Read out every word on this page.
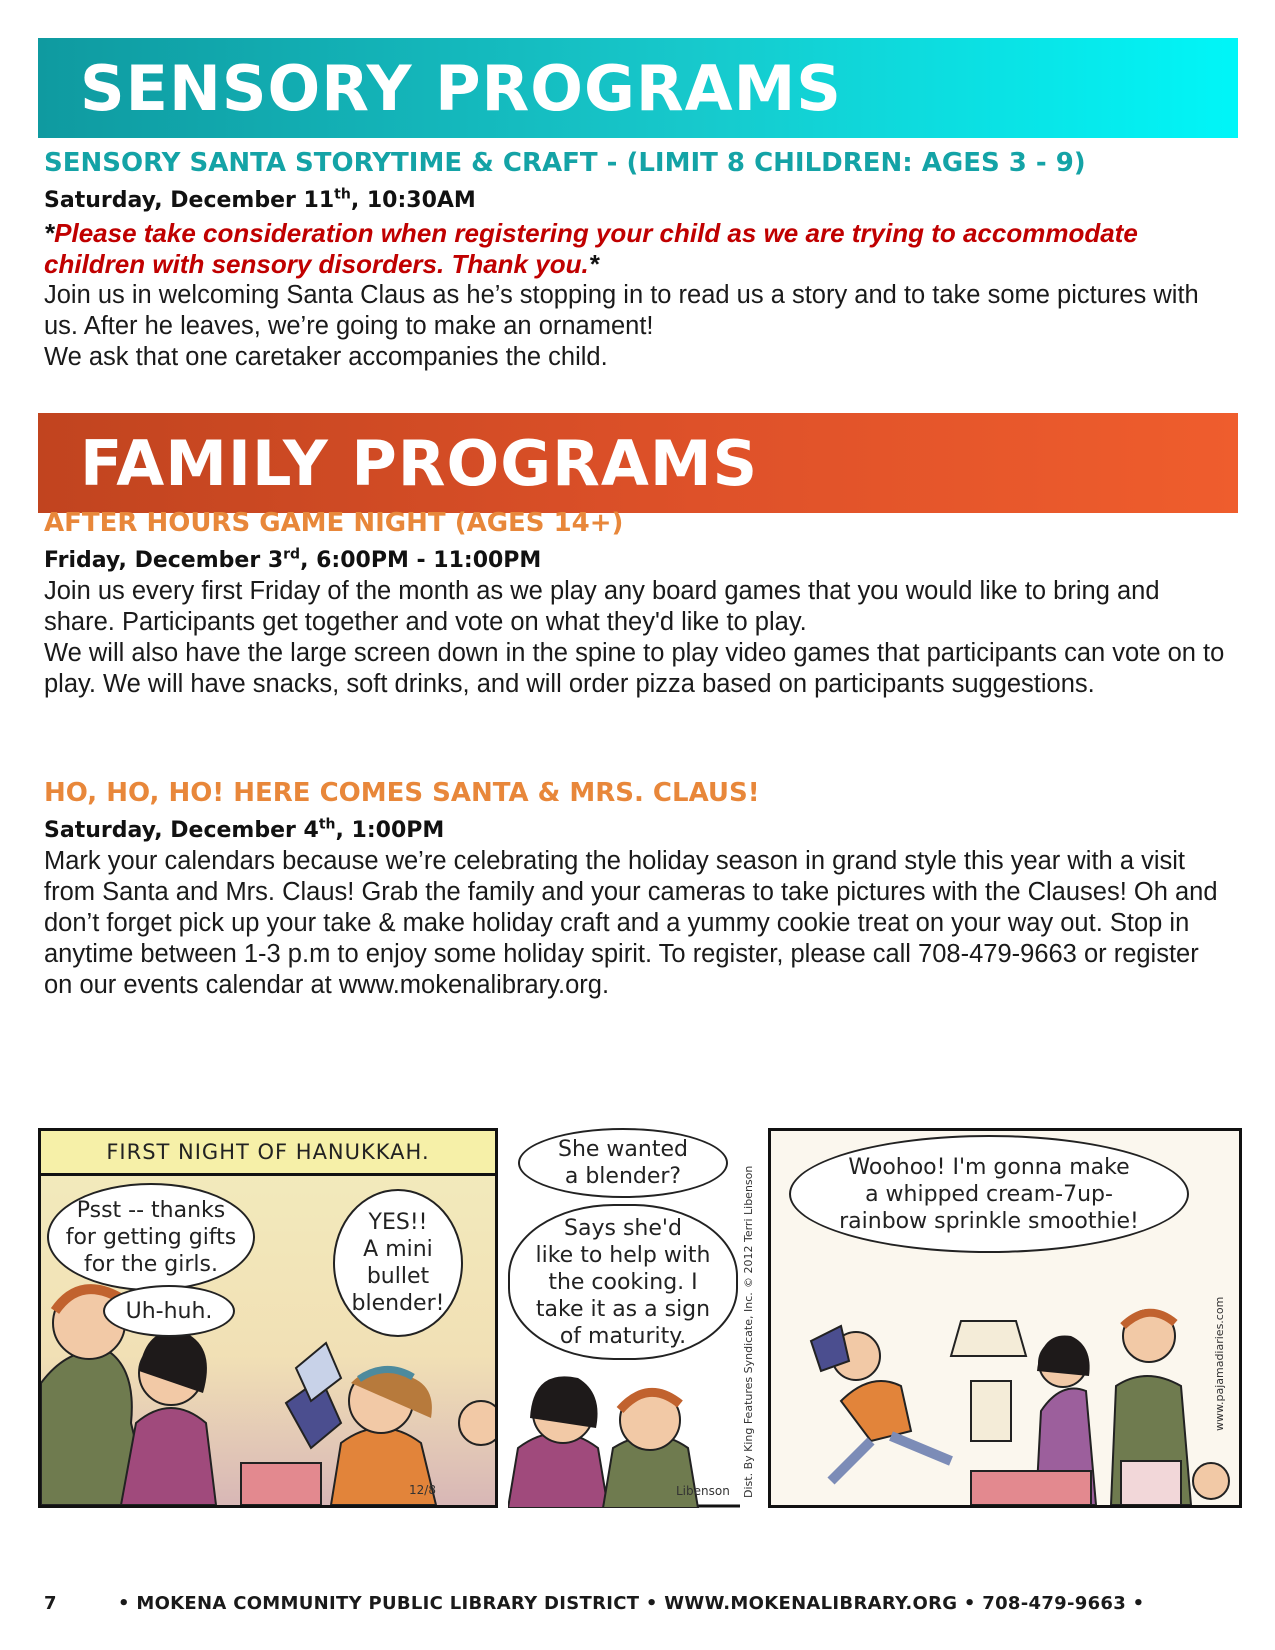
SENSORY PROGRAMS

SENSORY SANTA STORYTIME & CRAFT - (LIMIT 8 CHILDREN: AGES 3 - 9)

Saturday, December 11th, 10:30AM

*Please take consideration when registering your child as we are trying to accommodate children with sensory disorders. Thank you.*

Join us in welcoming Santa Claus as he’s stopping in to read us a story and to take some pictures with us. After he leaves, we’re going to make an ornament!

We ask that one caretaker accompanies the child.

FAMILY PROGRAMS

AFTER HOURS GAME NIGHT (AGES 14+)

Friday, December 3rd, 6:00PM - 11:00PM

Join us every first Friday of the month as we play any board games that you would like to bring and share. Participants get together and vote on what they'd like to play.

We will also have the large screen down in the spine to play video games that participants can vote on to play. We will have snacks, soft drinks, and will order pizza based on participants suggestions.

HO, HO, HO! HERE COMES SANTA & MRS. CLAUS!

Saturday, December 4th, 1:00PM

Mark your calendars because we’re celebrating the holiday season in grand style this year with a visit from Santa and Mrs. Claus! Grab the family and your cameras to take pictures with the Clauses! Oh and don’t forget pick up your take & make holiday craft and a yummy cookie treat on your way out. Stop in anytime between 1-3 p.m to enjoy some holiday spirit. To register, please call 708-479-9663 or register on our events calendar at www.mokenalibrary.org.

FIRST NIGHT OF HANUKKAH.
Psst -- thanks
for getting gifts
for the girls.
Uh-huh.
YES!!
A mini
bullet
blender!
12/8
She wanted
a blender?
Says she'd
like to help with
the cooking. I
take it as a sign
of maturity.
Libenson
© 2012 Terri Libenson
Dist. By King Features Syndicate, Inc.
Woohoo! I'm gonna make
a whipped cream-7up-
rainbow sprinkle smoothie!
www.pajamadiaries.com
7	• MOKENA COMMUNITY PUBLIC LIBRARY DISTRICT • WWW.MOKENALIBRARY.ORG • 708-479-9663 •
